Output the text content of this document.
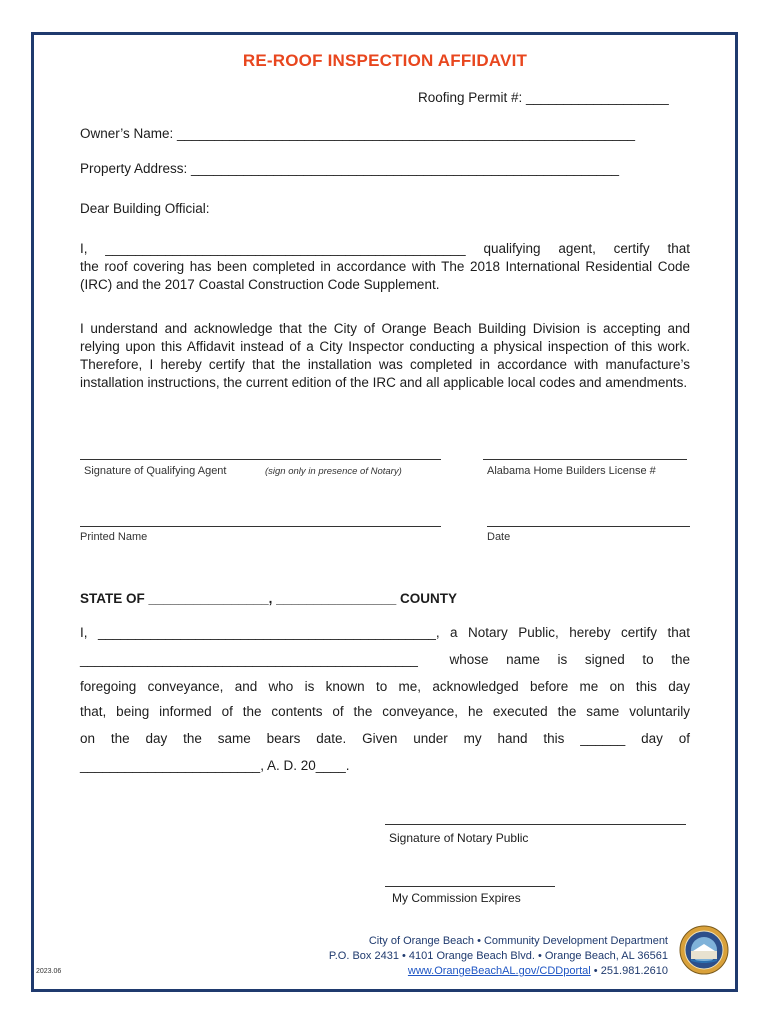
RE-ROOF INSPECTION AFFIDAVIT
Roofing Permit #: ___________________
Owner’s Name: _____________________________________________________________
Property Address: _________________________________________________________
Dear Building Official:

I, ________________________________________________ qualifying agent, certify that

the roof covering has been completed in accordance with The 2018 International Residential Code (IRC) and the 2017 Coastal Construction Code Supplement.

I understand and acknowledge that the City of Orange Beach Building Division is accepting and relying upon this Affidavit instead of a City Inspector conducting a physical inspection of this work. Therefore, I hereby certify that the installation was completed in accordance with manufacture’s installation instructions, the current edition of the IRC and all applicable local codes and amendments.
Signature of Qualifying Agent	(sign only in presence of Notary)	Alabama Home Builders License #
Printed Name	Date
STATE OF ________________, ________________ COUNTY
I, _____________________________________________, a Notary Public, hereby certify that
_____________________________________________ whose name is signed to the
foregoing conveyance, and who is known to me, acknowledged before me on this day
that, being informed of the contents of the conveyance, he executed the same voluntarily
on the day the same bears date. Given under my hand this ______ day of
________________________, A. D. 20____.
Signature of Notary Public
My Commission Expires
City of Orange Beach • Community Development Department
P.O. Box 2431 • 4101 Orange Beach Blvd. • Orange Beach, AL 36561
www.OrangeBeachAL.gov/CDDportal • 251.981.2610
2023.06
